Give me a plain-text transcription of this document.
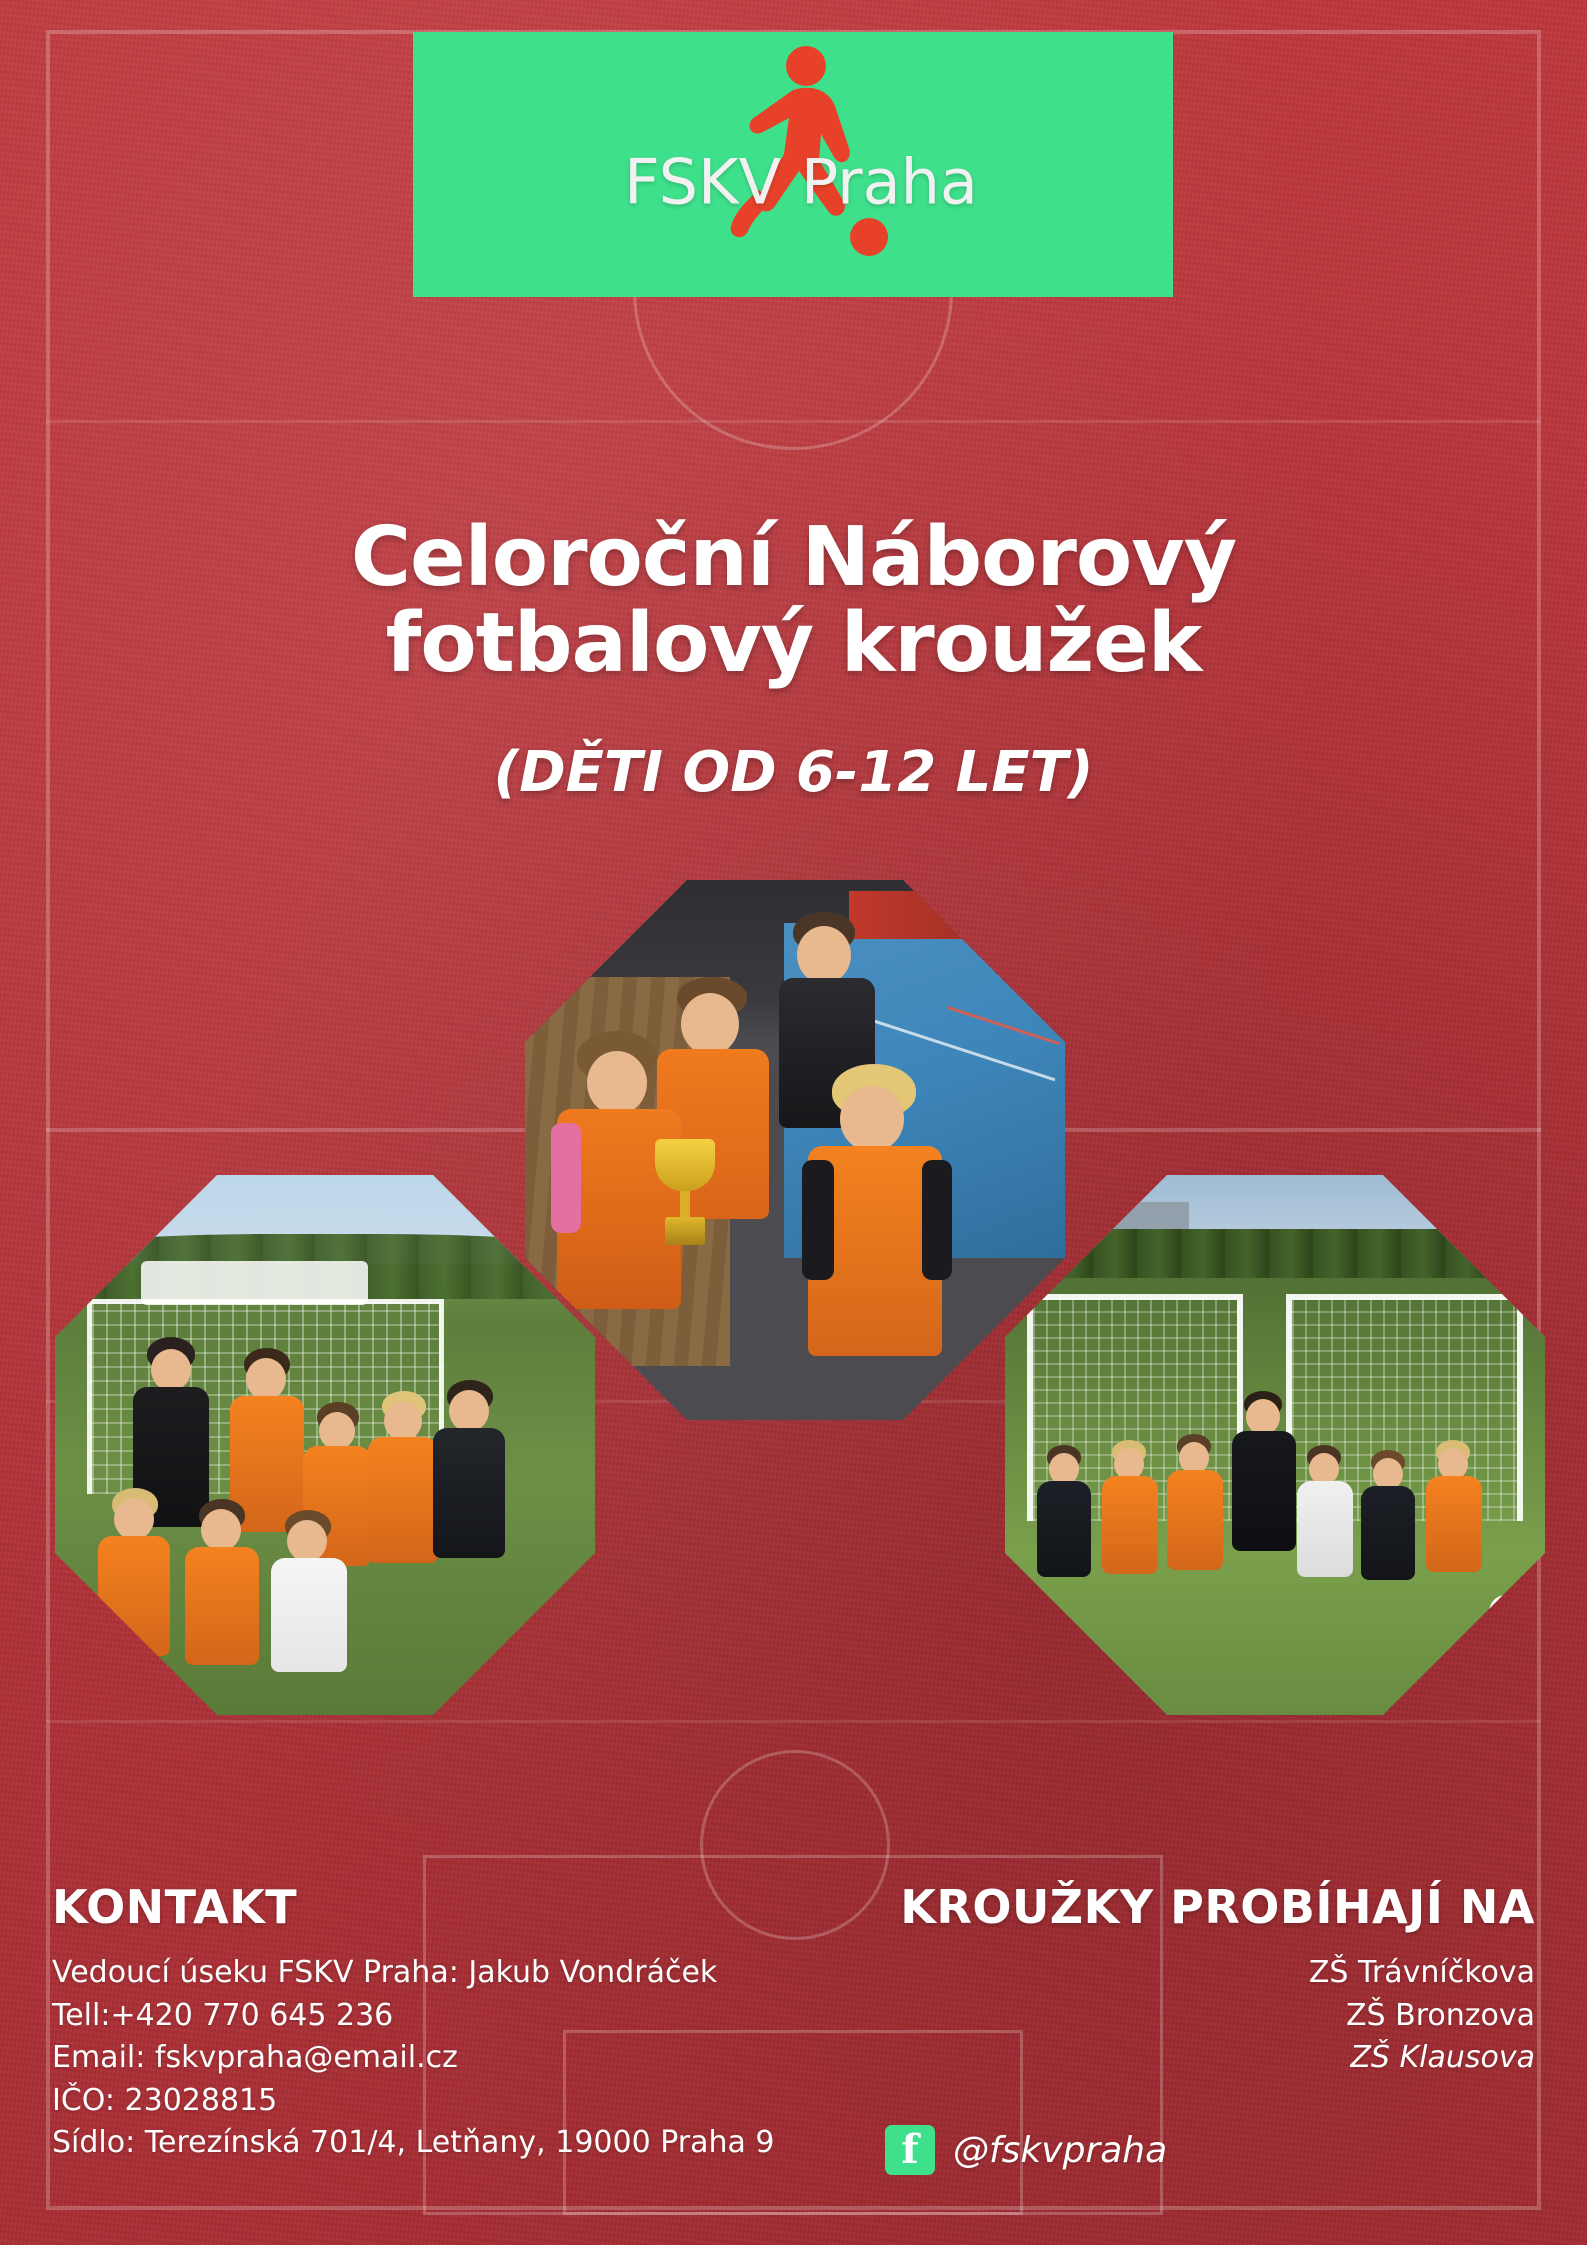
FSKV Praha
Celoroční Náborový
fotbalový kroužek
(DĚTI OD 6-12 LET)
KONTAKT
Vedoucí úseku FSKV Praha: Jakub Vondráček
Tell:+420 770 645 236
Email: fskvpraha@email.cz
IČO: 23028815
Sídlo: Terezínská 701/4, Letňany, 19000 Praha 9
KROUŽKY PROBÍHAJÍ NA
ZŠ Trávníčkova
ZŠ Bronzova
ZŠ Klausova
f @fskvpraha
